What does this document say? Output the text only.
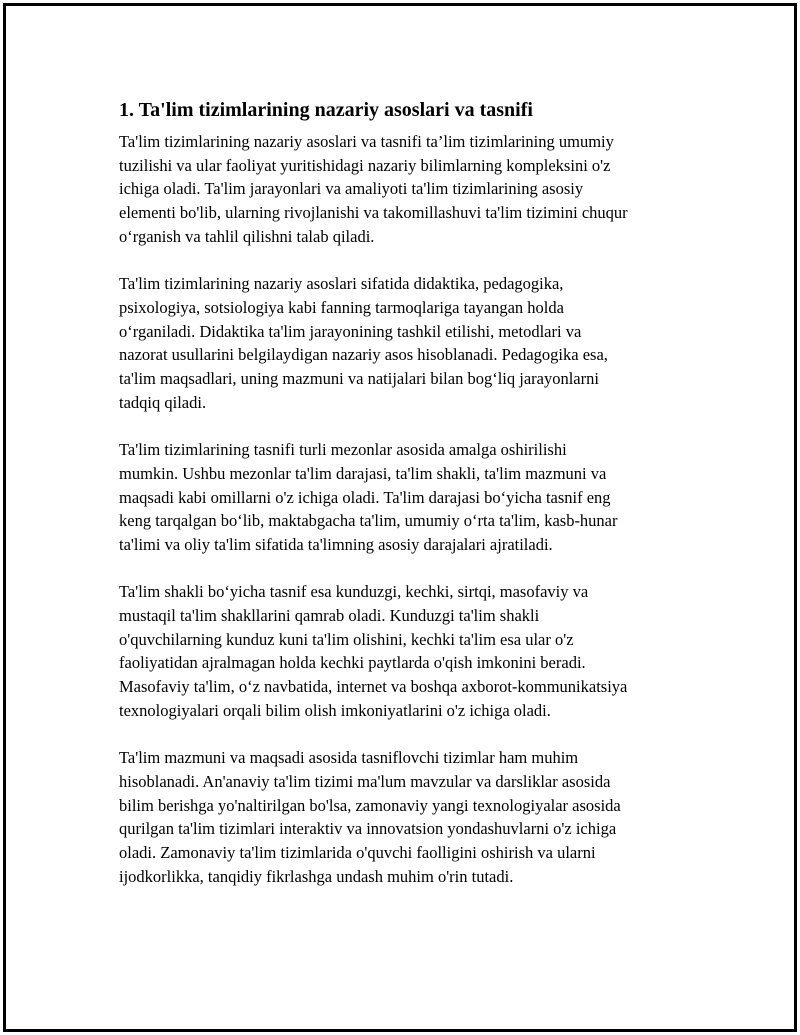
1. Ta'lim tizimlarining nazariy asoslari va tasnifi

Ta'lim tizimlarining nazariy asoslari va tasnifi ta’lim tizimlarining umumiy
tuzilishi va ular faoliyat yuritishidagi nazariy bilimlarning kompleksini o'z
ichiga oladi. Ta'lim jarayonlari va amaliyoti ta'lim tizimlarining asosiy
elementi bo'lib, ularning rivojlanishi va takomillashuvi ta'lim tizimini chuqur
o‘rganish va tahlil qilishni talab qiladi.

Ta'lim tizimlarining nazariy asoslari sifatida didaktika, pedagogika,
psixologiya, sotsiologiya kabi fanning tarmoqlariga tayangan holda
o‘rganiladi. Didaktika ta'lim jarayonining tashkil etilishi, metodlari va
nazorat usullarini belgilaydigan nazariy asos hisoblanadi. Pedagogika esa,
ta'lim maqsadlari, uning mazmuni va natijalari bilan bog‘liq jarayonlarni
tadqiq qiladi.

Ta'lim tizimlarining tasnifi turli mezonlar asosida amalga oshirilishi
mumkin. Ushbu mezonlar ta'lim darajasi, ta'lim shakli, ta'lim mazmuni va
maqsadi kabi omillarni o'z ichiga oladi. Ta'lim darajasi bo‘yicha tasnif eng
keng tarqalgan bo‘lib, maktabgacha ta'lim, umumiy o‘rta ta'lim, kasb-hunar
ta'limi va oliy ta'lim sifatida ta'limning asosiy darajalari ajratiladi.

Ta'lim shakli bo‘yicha tasnif esa kunduzgi, kechki, sirtqi, masofaviy va
mustaqil ta'lim shakllarini qamrab oladi. Kunduzgi ta'lim shakli
o'quvchilarning kunduz kuni ta'lim olishini, kechki ta'lim esa ular o'z
faoliyatidan ajralmagan holda kechki paytlarda o'qish imkonini beradi.
Masofaviy ta'lim, o‘z navbatida, internet va boshqa axborot-kommunikatsiya
texnologiyalari orqali bilim olish imkoniyatlarini o'z ichiga oladi.

Ta'lim mazmuni va maqsadi asosida tasniflovchi tizimlar ham muhim
hisoblanadi. An'anaviy ta'lim tizimi ma'lum mavzular va darsliklar asosida
bilim berishga yo'naltirilgan bo'lsa, zamonaviy yangi texnologiyalar asosida
qurilgan ta'lim tizimlari interaktiv va innovatsion yondashuvlarni o'z ichiga
oladi. Zamonaviy ta'lim tizimlarida o'quvchi faolligini oshirish va ularni
ijodkorlikka, tanqidiy fikrlashga undash muhim o'rin tutadi.
